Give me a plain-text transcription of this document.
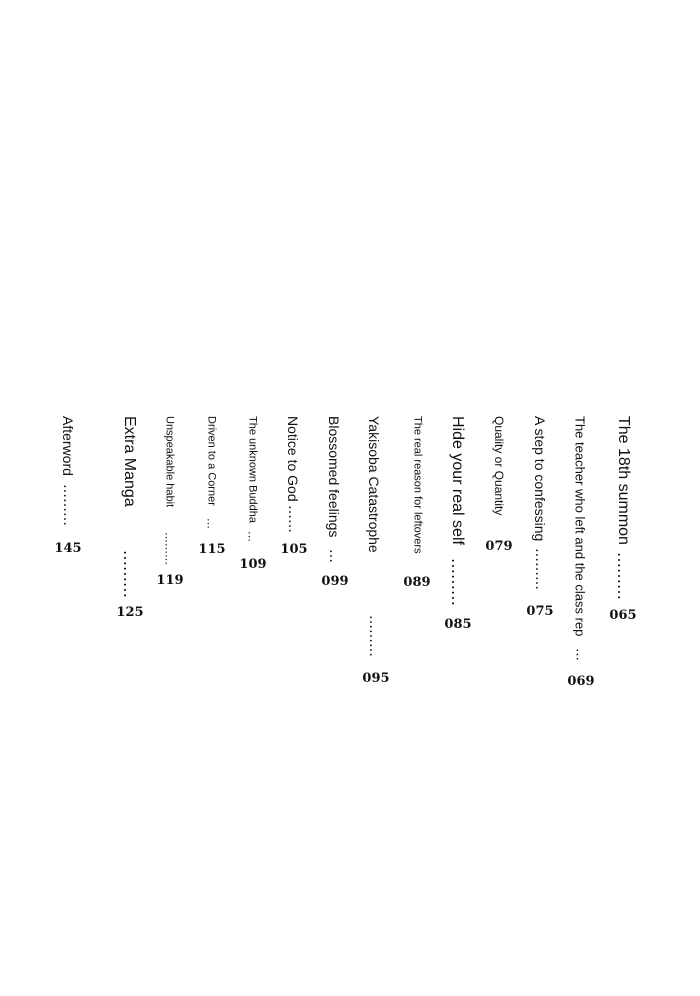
The 18th summon
………
065
The teacher who left and the class rep
…
069
A step to confessing
………
075
Quality or Quantity
079
Hide your real self
………
085
The real reason for leftovers
089
Yakisoba Catastrophe
………
095
Blossomed feelings
…
099
Notice to God
……
105
The unknown Buddha
…
109
Driven to a Corner
…
115
Unspeakable habit
………
119
Extra Manga
………
125
Afterword
………
145
